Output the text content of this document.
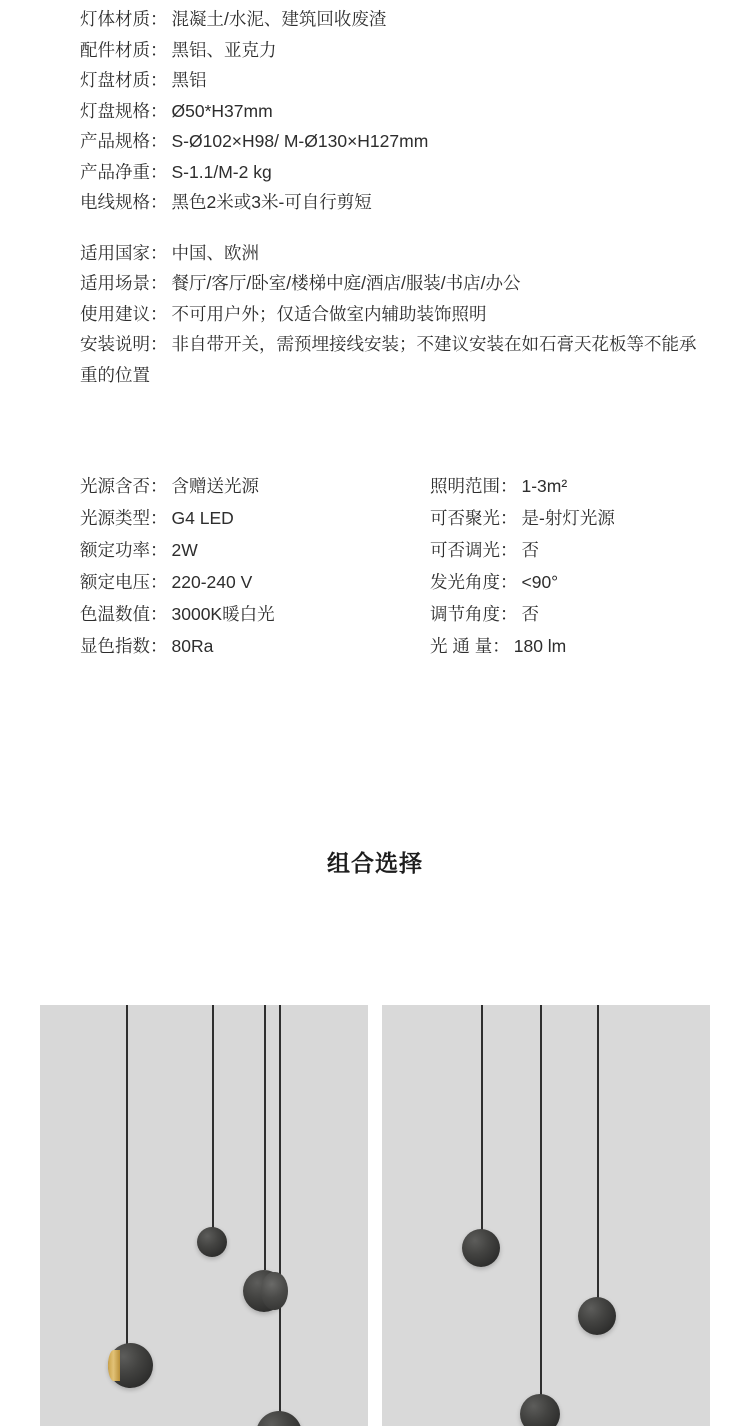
灯体材质 ： 混凝土/水泥、建筑回收废渣
配件材质 ： 黑铝、亚克力
灯盘材质 ： 黑铝
灯盘规格 ： Ø50*H37mm
产品规格 ： S-Ø102×H98/ M-Ø130×H127mm
产品净重 ： S-1.1/M-2 kg
电线规格 ： 黑色2米或3米-可自行剪短
适用国家 ： 中国、欧洲
适用场景 ： 餐厅/客厅/卧室/楼梯中庭/酒店/服装/书店/办公
使用建议 ： 不可用户外；仅适合做室内辅助装饰照明
安装说明： 非自带开关，需预埋接线安装；不建议安装在如石膏天花板等不能承重的位置
光源含否 ： 含赠送光源
光源类型 ： G4 LED
额定功率 ： 2W
额定电压 ： 220-240 V
色温数值 ： 3000K暖白光
显色指数 ： 80Ra
照明范围 ： 1-3m²
可否聚光 ： 是-射灯光源
可否调光 ： 否
发光角度 ： <90°
调节角度 ： 否
光 通 量 ： 180 lm
组合选择
